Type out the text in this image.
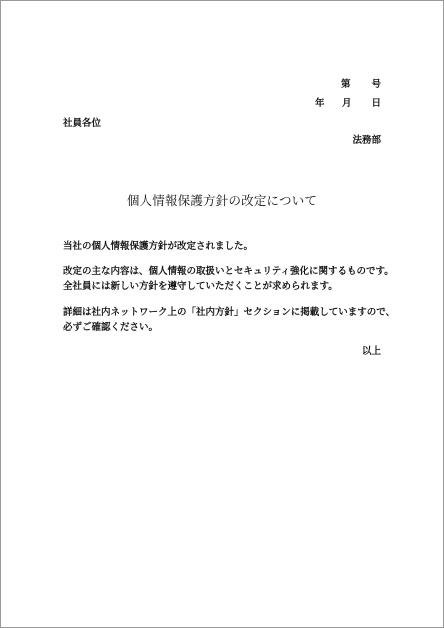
第 号
年 月 日
社員各位
法務部
個人情報保護方針の改定について
当社の個人情報保護方針が改定されました。
改定の主な内容は、個人情報の取扱いとセキュリティ強化に関するものです。
全社員には新しい方針を遵守していただくことが求められます。
詳細は社内ネットワーク上の「社内方針」セクションに掲載していますので、
必ずご確認ください。
以上
